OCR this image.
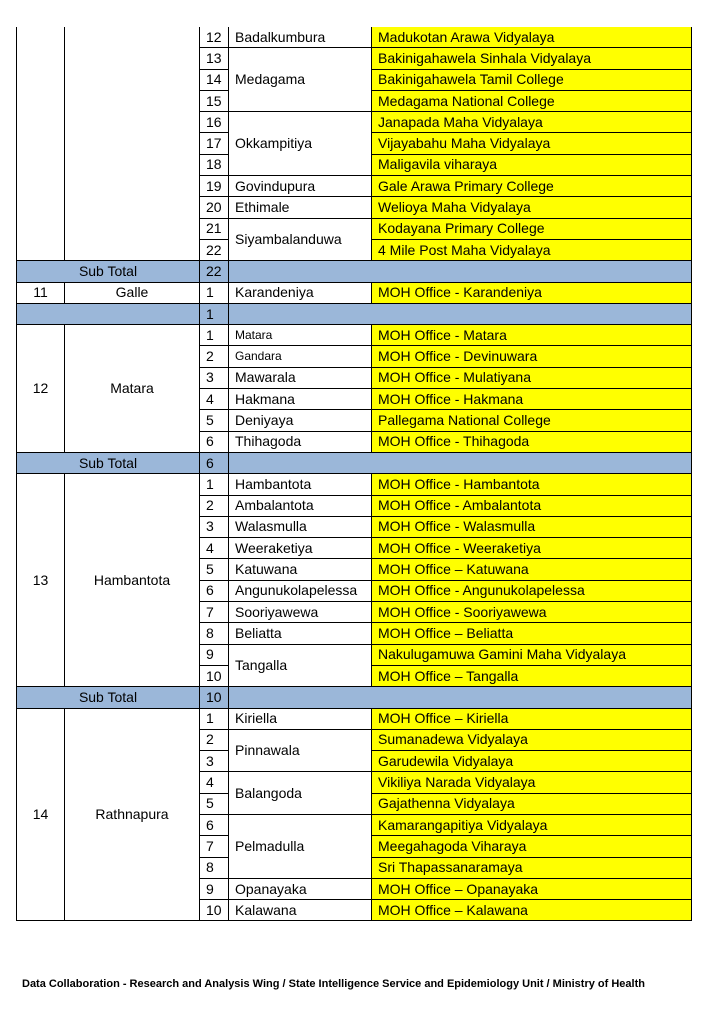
		12	Badalkumbura	Madukotan Arawa Vidyalaya
		13	Medagama	Bakinigahawela Sinhala Vidyalaya
		14		Bakinigahawela Tamil College
		15		Medagama National College
		16	Okkampitiya	Janapada Maha Vidyalaya
		17		Vijayabahu Maha Vidyalaya
		18		Maligavila viharaya
		19	Govindupura	Gale Arawa Primary College
		20	Ethimale	Welioya Maha Vidyalaya
		21	Siyambalanduwa	Kodayana Primary College
		22		4 Mile Post Maha Vidyalaya
Sub Total		22		
11	Galle	1	Karandeniya	MOH Office - Karandeniya
		1		
12	Matara	1	Matara	MOH Office - Matara
		2	Gandara	MOH Office - Devinuwara
		3	Mawarala	MOH Office - Mulatiyana
		4	Hakmana	MOH Office - Hakmana
		5	Deniyaya	Pallegama National College
		6	Thihagoda	MOH Office - Thihagoda
Sub Total		6		
13	Hambantota	1	Hambantota	MOH Office - Hambantota
		2	Ambalantota	MOH Office - Ambalantota
		3	Walasmulla	MOH Office - Walasmulla
		4	Weeraketiya	MOH Office - Weeraketiya
		5	Katuwana	MOH Office – Katuwana
		6	Angunukolapelessa	MOH Office - Angunukolapelessa
		7	Sooriyawewa	MOH Office - Sooriyawewa
		8	Beliatta	MOH Office – Beliatta
		9	Tangalla	Nakulugamuwa Gamini Maha Vidyalaya
		10		MOH Office – Tangalla
Sub Total		10		
14	Rathnapura	1	Kiriella	MOH Office – Kiriella
		2	Pinnawala	Sumanadewa Vidyalaya
		3		Garudewila Vidyalaya
		4	Balangoda	Vikiliya Narada Vidyalaya
		5		Gajathenna Vidyalaya
		6	Pelmadulla	Kamarangapitiya Vidyalaya
		7		Meegahagoda Viharaya
		8		Sri Thapassanaramaya
		9	Opanayaka	MOH Office – Opanayaka
		10	Kalawana	MOH Office – Kalawana
Data Collaboration - Research and Analysis Wing / State Intelligence Service and Epidemiology Unit / Ministry of Health
